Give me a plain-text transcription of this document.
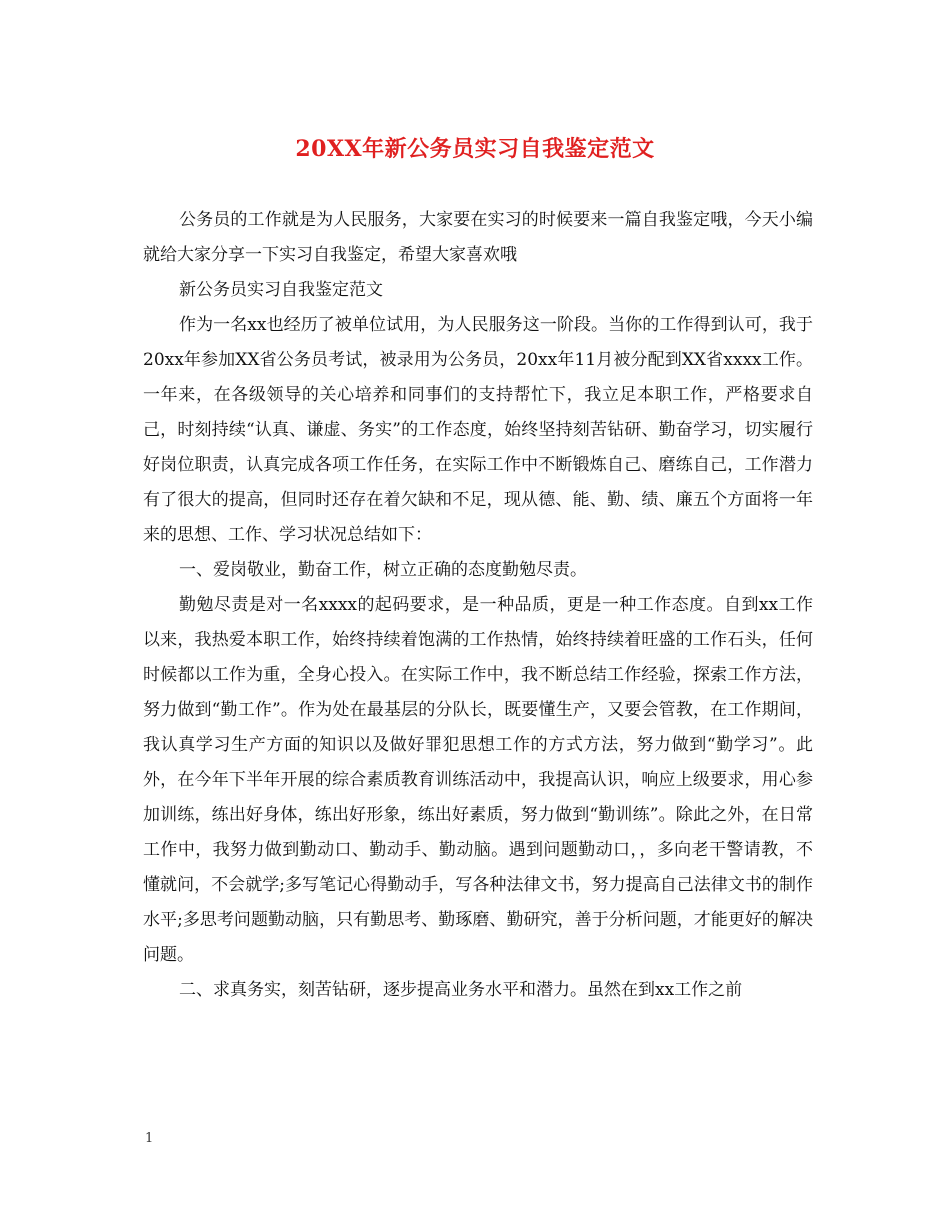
20XX年新公务员实习自我鉴定范文

公务员的工作就是为人民服务，大家要在实习的时候要来一篇自我鉴定哦，今天小编就给大家分享一下实习自我鉴定，希望大家喜欢哦

新公务员实习自我鉴定范文

作为一名xx也经历了被单位试用，为人民服务这一阶段。当你的工作得到认可，我于20xx年参加XX省公务员考试，被录用为公务员，20xx年11月被分配到XX省xxxx工作。一年来，在各级领导的关心培养和同事们的支持帮忙下，我立足本职工作，严格要求自己，时刻持续“认真、谦虚、务实”的工作态度，始终坚持刻苦钻研、勤奋学习，切实履行好岗位职责，认真完成各项工作任务，在实际工作中不断锻炼自己、磨练自己，工作潜力有了很大的提高，但同时还存在着欠缺和不足，现从德、能、勤、绩、廉五个方面将一年来的思想、工作、学习状况总结如下：

一、爱岗敬业，勤奋工作，树立正确的态度勤勉尽责。

勤勉尽责是对一名xxxx的起码要求，是一种品质，更是一种工作态度。自到xx工作以来，我热爱本职工作，始终持续着饱满的工作热情，始终持续着旺盛的工作石头，任何时候都以工作为重，全身心投入。在实际工作中，我不断总结工作经验，探索工作方法，努力做到“勤工作”。作为处在最基层的分队长，既要懂生产，又要会管教，在工作期间，我认真学习生产方面的知识以及做好罪犯思想工作的方式方法，努力做到“勤学习”。此外，在今年下半年开展的综合素质教育训练活动中，我提高认识，响应上级要求，用心参加训练，练出好身体，练出好形象，练出好素质，努力做到“勤训练”。除此之外，在日常工作中，我努力做到勤动口、勤动手、勤动脑。遇到问题勤动口，，多向老干警请教，不懂就问，不会就学;多写笔记心得勤动手，写各种法律文书，努力提高自己法律文书的制作水平;多思考问题勤动脑，只有勤思考、勤琢磨、勤研究，善于分析问题，才能更好的解决问题。

二、求真务实，刻苦钻研，逐步提高业务水平和潜力。虽然在到xx工作之前

1
